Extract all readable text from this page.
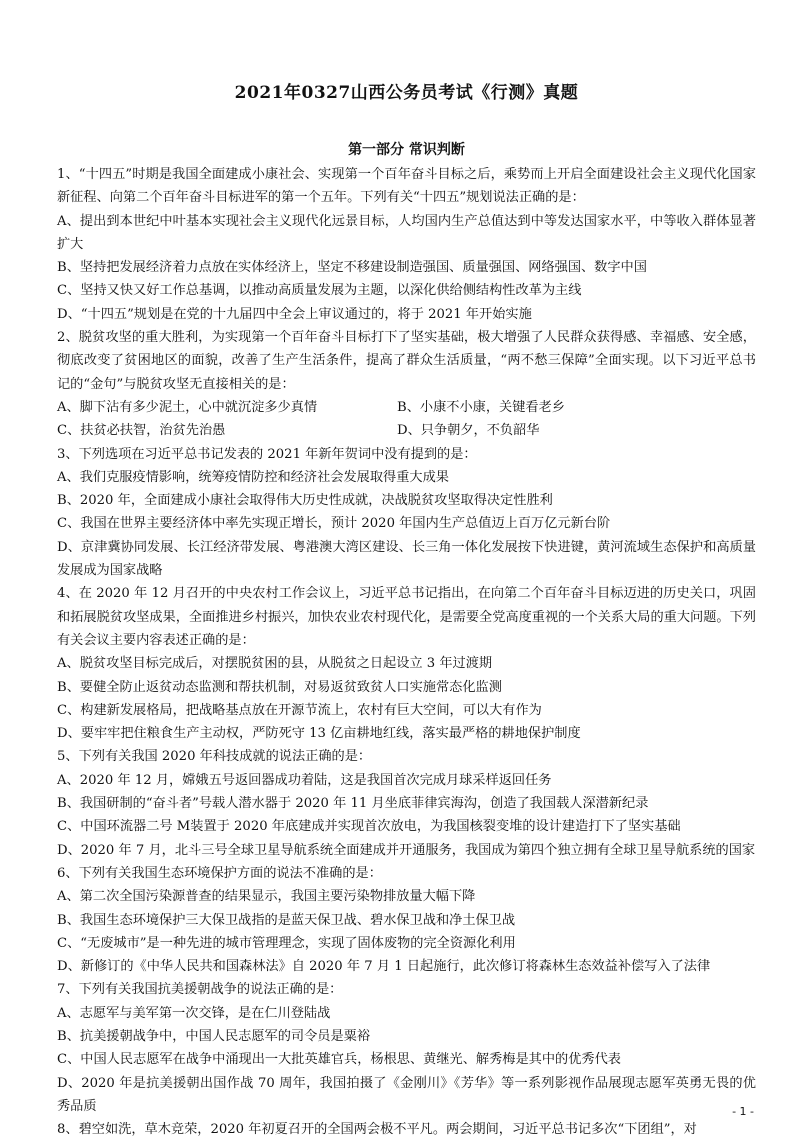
2021年0327山西公务员考试《行测》真题
第一部分 常识判断

1、“十四五”时期是我国全面建成小康社会、实现第一个百年奋斗目标之后，乘势而上开启全面建设社会主义现代化国家新征程、向第二个百年奋斗目标进军的第一个五年。下列有关“十四五”规划说法正确的是：

A、提出到本世纪中叶基本实现社会主义现代化远景目标，人均国内生产总值达到中等发达国家水平，中等收入群体显著扩大

B、坚持把发展经济着力点放在实体经济上，坚定不移建设制造强国、质量强国、网络强国、数字中国

C、坚持又快又好工作总基调，以推动高质量发展为主题，以深化供给侧结构性改革为主线

D、“十四五”规划是在党的十九届四中全会上审议通过的，将于 2021 年开始实施

2、脱贫攻坚的重大胜利，为实现第一个百年奋斗目标打下了坚实基础，极大增强了人民群众获得感、幸福感、安全感，彻底改变了贫困地区的面貌，改善了生产生活条件，提高了群众生活质量，“两不愁三保障”全面实现。以下习近平总书记的“金句”与脱贫攻坚无直接相关的是：

A、脚下沾有多少泥土，心中就沉淀多少真情	B、小康不小康，关键看老乡

C、扶贫必扶智，治贫先治愚	D、只争朝夕，不负韶华

3、下列选项在习近平总书记发表的 2021 年新年贺词中没有提到的是：

A、我们克服疫情影响，统筹疫情防控和经济社会发展取得重大成果

B、2020 年，全面建成小康社会取得伟大历史性成就，决战脱贫攻坚取得决定性胜利

C、我国在世界主要经济体中率先实现正增长，预计 2020 年国内生产总值迈上百万亿元新台阶

D、京津冀协同发展、长江经济带发展、粤港澳大湾区建设、长三角一体化发展按下快进键，黄河流域生态保护和高质量发展成为国家战略

4、在 2020 年 12 月召开的中央农村工作会议上，习近平总书记指出，在向第二个百年奋斗目标迈进的历史关口，巩固和拓展脱贫攻坚成果，全面推进乡村振兴，加快农业农村现代化，是需要全党高度重视的一个关系大局的重大问题。下列有关会议主要内容表述正确的是：

A、脱贫攻坚目标完成后，对摆脱贫困的县，从脱贫之日起设立 3 年过渡期

B、要健全防止返贫动态监测和帮扶机制，对易返贫致贫人口实施常态化监测

C、构建新发展格局，把战略基点放在开源节流上，农村有巨大空间，可以大有作为

D、要牢牢把住粮食生产主动权，严防死守 13 亿亩耕地红线，落实最严格的耕地保护制度

5、下列有关我国 2020 年科技成就的说法正确的是：

A、2020 年 12 月，嫦娥五号返回器成功着陆，这是我国首次完成月球采样返回任务

B、我国研制的“奋斗者”号载人潜水器于 2020 年 11 月坐底菲律宾海沟，创造了我国载人深潜新纪录

C、中国环流器二号 M装置于 2020 年底建成并实现首次放电，为我国核裂变堆的设计建造打下了坚实基础

D、2020 年 7 月，北斗三号全球卫星导航系统全面建成并开通服务，我国成为第四个独立拥有全球卫星导航系统的国家

6、下列有关我国生态环境保护方面的说法不准确的是：

A、第二次全国污染源普查的结果显示，我国主要污染物排放量大幅下降

B、我国生态环境保护三大保卫战指的是蓝天保卫战、碧水保卫战和净土保卫战

C、“无废城市”是一种先进的城市管理理念，实现了固体废物的完全资源化利用

D、新修订的《中华人民共和国森林法》自 2020 年 7 月 1 日起施行，此次修订将森林生态效益补偿写入了法律

7、下列有关我国抗美援朝战争的说法正确的是：

A、志愿军与美军第一次交锋，是在仁川登陆战

B、抗美援朝战争中，中国人民志愿军的司令员是粟裕

C、中国人民志愿军在战争中涌现出一大批英雄官兵，杨根思、黄继光、解秀梅是其中的优秀代表

D、2020 年是抗美援朝出国作战 70 周年，我国拍摄了《金刚川》《芳华》等一系列影视作品展现志愿军英勇无畏的优秀品质

8、碧空如洗，草木竞荣，2020 年初夏召开的全国两会极不平凡。两会期间，习近平总书记多次“下团组”，对

- 1 -
